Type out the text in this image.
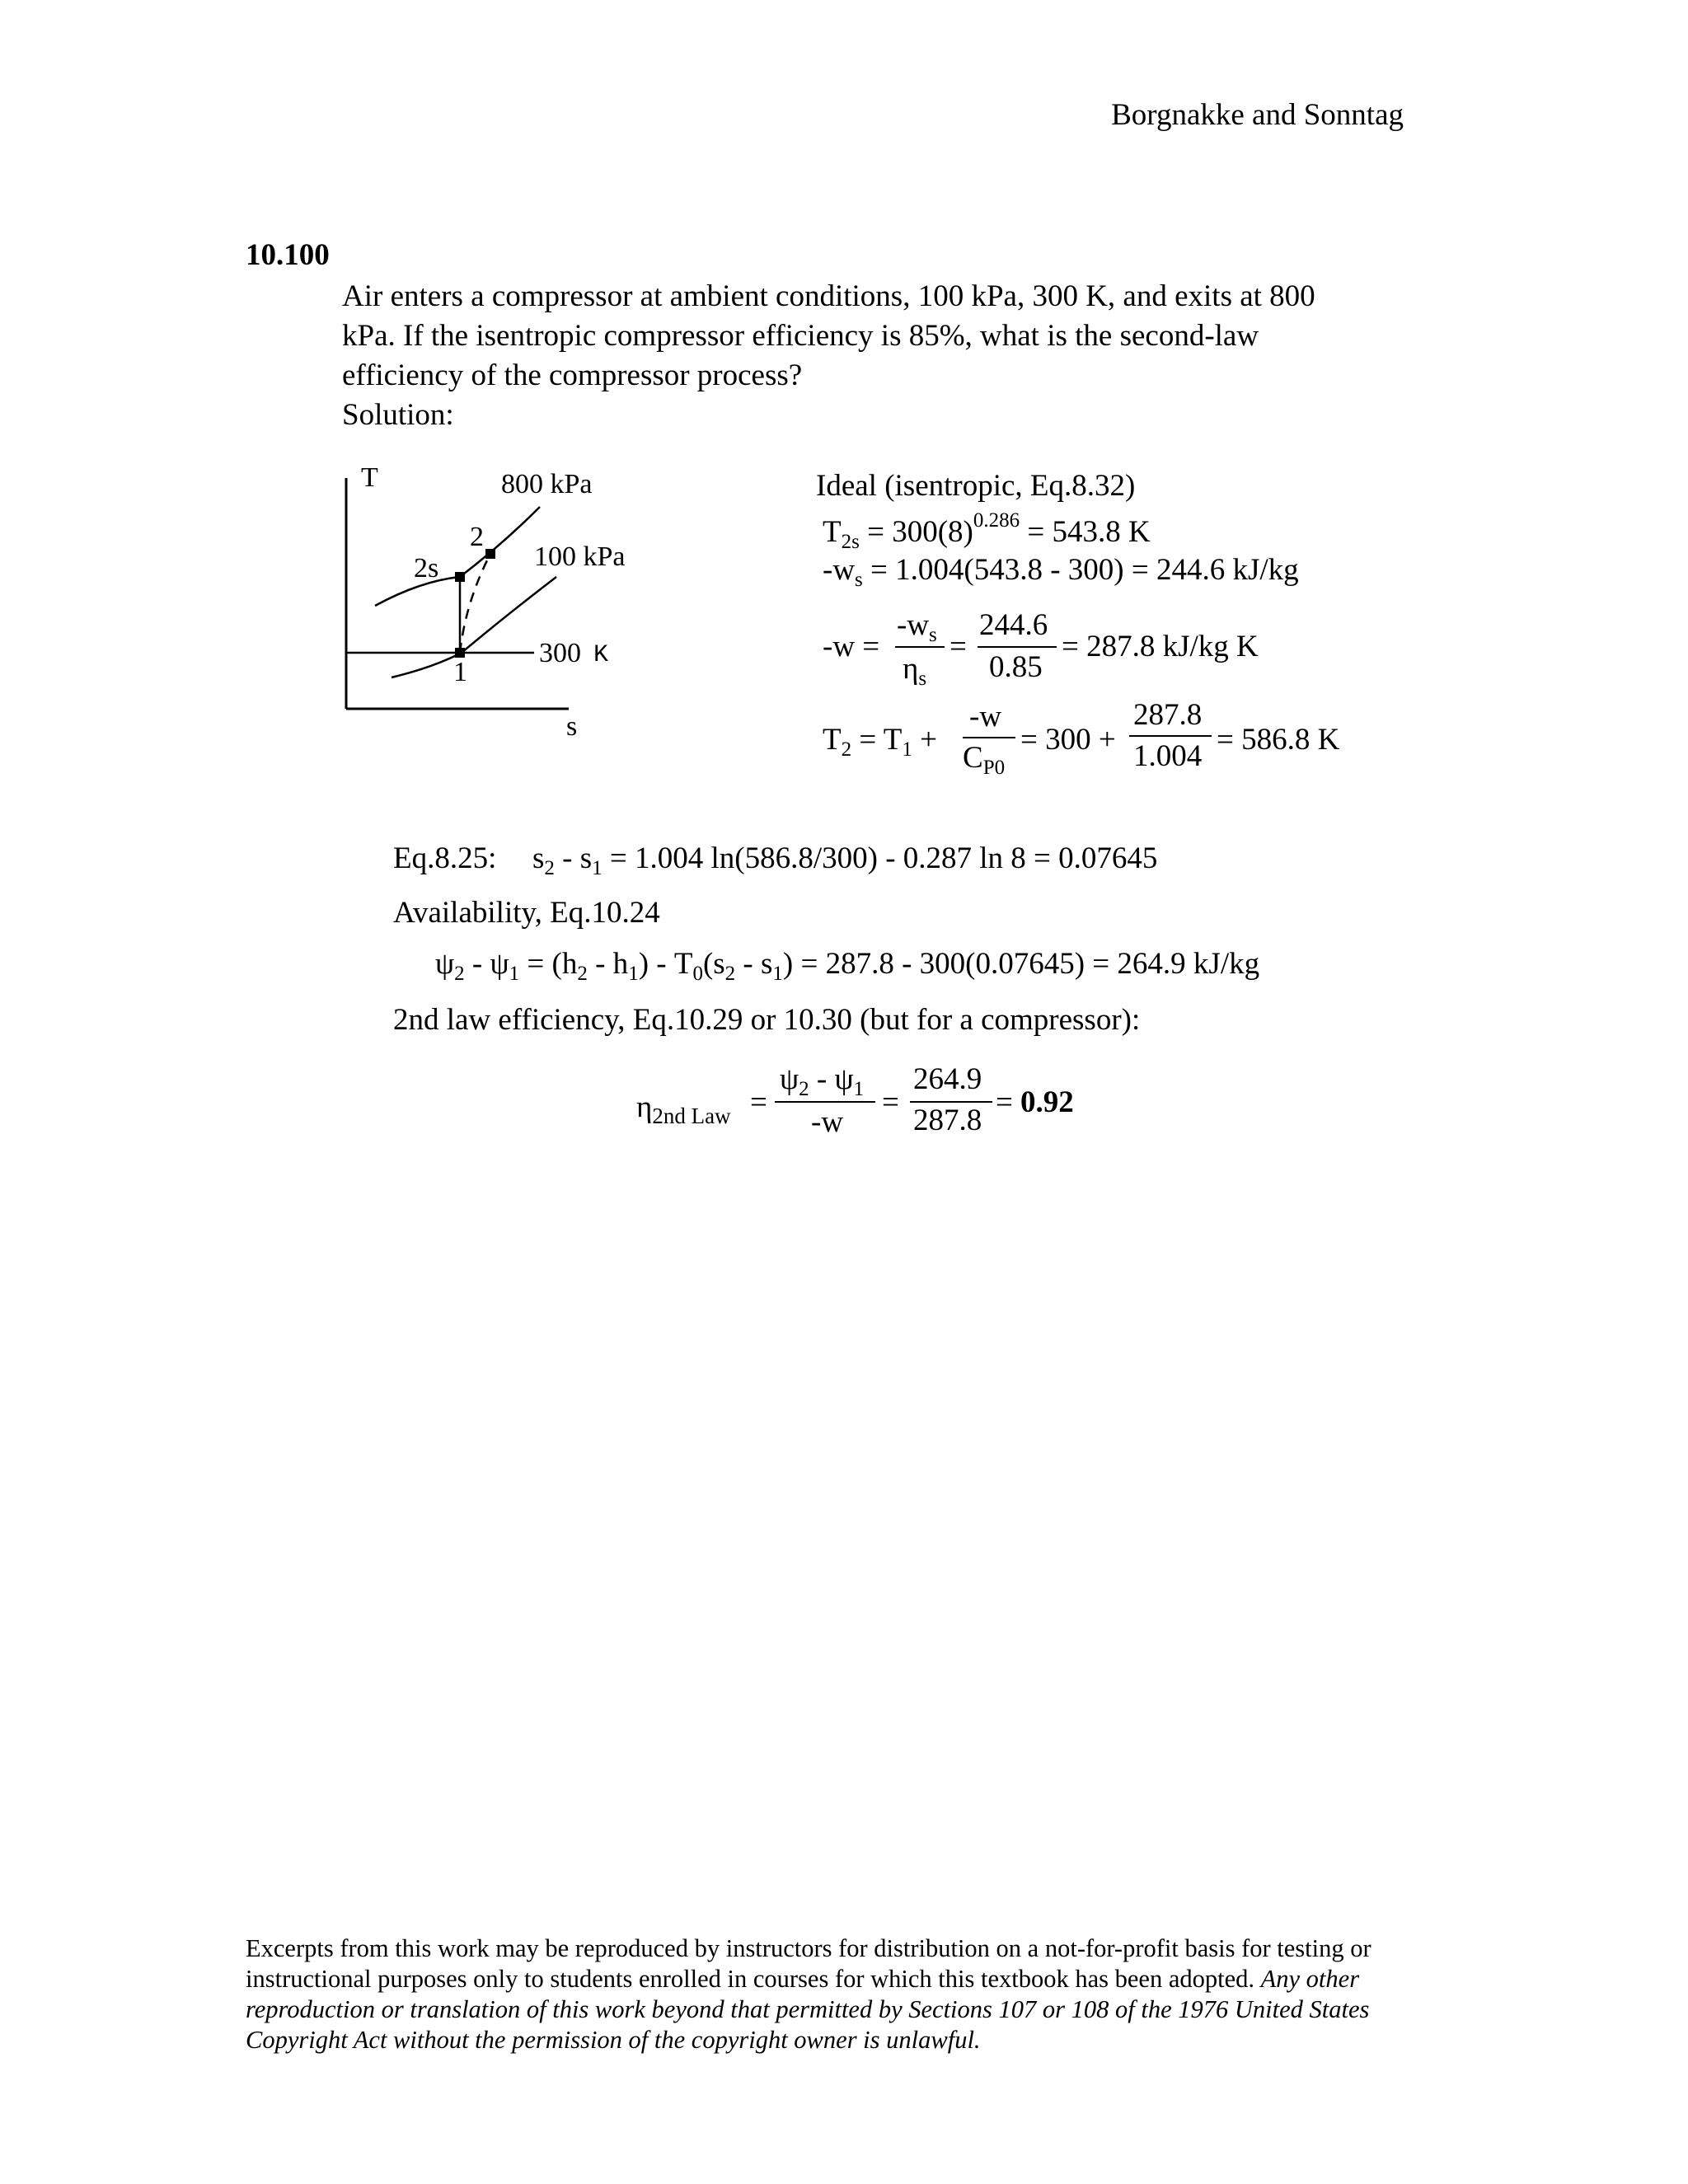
Borgnakke and Sonntag
10.100
Air enters a compressor at ambient conditions, 100 kPa, 300 K, and exits at 800
kPa. If the isentropic compressor efficiency is 85%, what is the second-law
efficiency of the compressor process?
Solution:
T
s
800 kPa
100 kPa
300 K
2s
2
1
Ideal (isentropic, Eq.8.32)
$T_{2s} = 300(8)^{0.286} = 543.8$ K
$-w_s = 1.004(543.8 - 300) = 244.6$ kJ/kg
-w =
$-w_s$
$\eta_s$
=
244.6
0.85
= 287.8 kJ/kg K
$T_2 = T_1$ +
-w
$C_{P0}$
= 300 +
287.8
1.004 = 586.8 K
Eq.8.25: $s_2 - s_1 = 1.004$ ln(586.8/300) - 0.287 ln 8 = 0.07645
Availability, Eq.10.24
$\psi_2 - \psi_1 = (h_2 - h_1) - T_0(s_2 - s_1) = 287.8 - 300(0.07645) = 264.9$ kJ/kg
2nd law efficiency, Eq.10.29 or 10.30 (but for a compressor):
$\eta_{2nd Law}$ =
$\psi_2 - \psi_1$
-w
=
264.9
287.8
= 0.92
Excerpts from this work may be reproduced by instructors for distribution on a not-for-profit basis for testing or instructional purposes only to students enrolled in courses for which this textbook has been adopted. Any other reproduction or translation of this work beyond that permitted by Sections 107 or 108 of the 1976 United States Copyright Act without the permission of the copyright owner is unlawful.
